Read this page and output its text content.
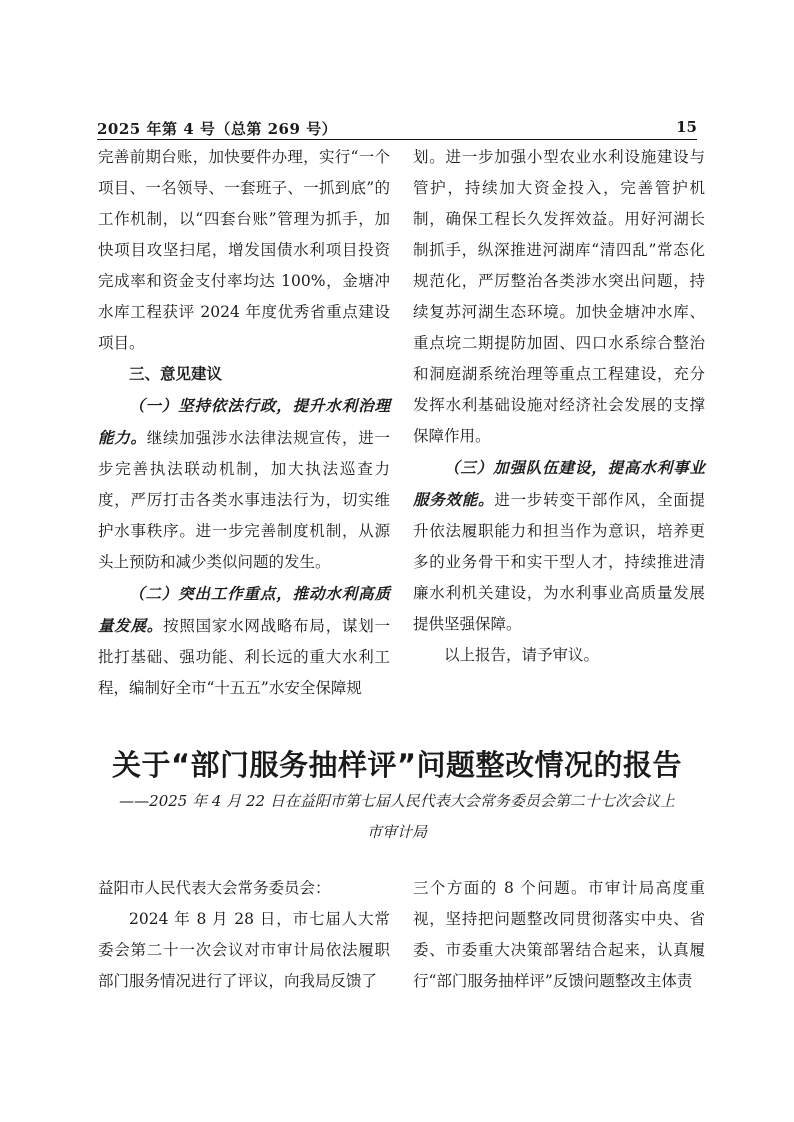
2025 年第 4 号（总第 269 号）	15

完善前期台账，加快要件办理，实行“一个项目、一名领导、一套班子、一抓到底”的工作机制，以“四套台账”管理为抓手，加快项目攻坚扫尾，增发国债水利项目投资完成率和资金支付率均达 100%，金塘冲水库工程获评 2024 年度优秀省重点建设项目。

三、意见建议

（一）坚持依法行政，提升水利治理能力。继续加强涉水法律法规宣传，进一步完善执法联动机制，加大执法巡查力度，严厉打击各类水事违法行为，切实维护水事秩序。进一步完善制度机制，从源头上预防和减少类似问题的发生。

（二）突出工作重点，推动水利高质量发展。按照国家水网战略布局，谋划一批打基础、强功能、利长远的重大水利工程，编制好全市“十五五”水安全保障规

划。进一步加强小型农业水利设施建设与管护，持续加大资金投入，完善管护机制，确保工程长久发挥效益。用好河湖长制抓手，纵深推进河湖库“清四乱”常态化规范化，严厉整治各类涉水突出问题，持续复苏河湖生态环境。加快金塘冲水库、重点垸二期提防加固、四口水系综合整治和洞庭湖系统治理等重点工程建设，充分发挥水利基础设施对经济社会发展的支撑保障作用。

（三）加强队伍建设，提高水利事业服务效能。进一步转变干部作风，全面提升依法履职能力和担当作为意识，培养更多的业务骨干和实干型人才，持续推进清廉水利机关建设，为水利事业高质量发展提供坚强保障。

以上报告，请予审议。

关于“部门服务抽样评”问题整改情况的报告
——2025 年 4 月 22 日在益阳市第七届人民代表大会常务委员会第二十七次会议上
市审计局

益阳市人民代表大会常务委员会：

2024 年 8 月 28 日，市七届人大常委会第二十一次会议对市审计局依法履职部门服务情况进行了评议，向我局反馈了

三个方面的 8 个问题。市审计局高度重视，坚持把问题整改同贯彻落实中央、省委、市委重大决策部署结合起来，认真履行“部门服务抽样评”反馈问题整改主体责
